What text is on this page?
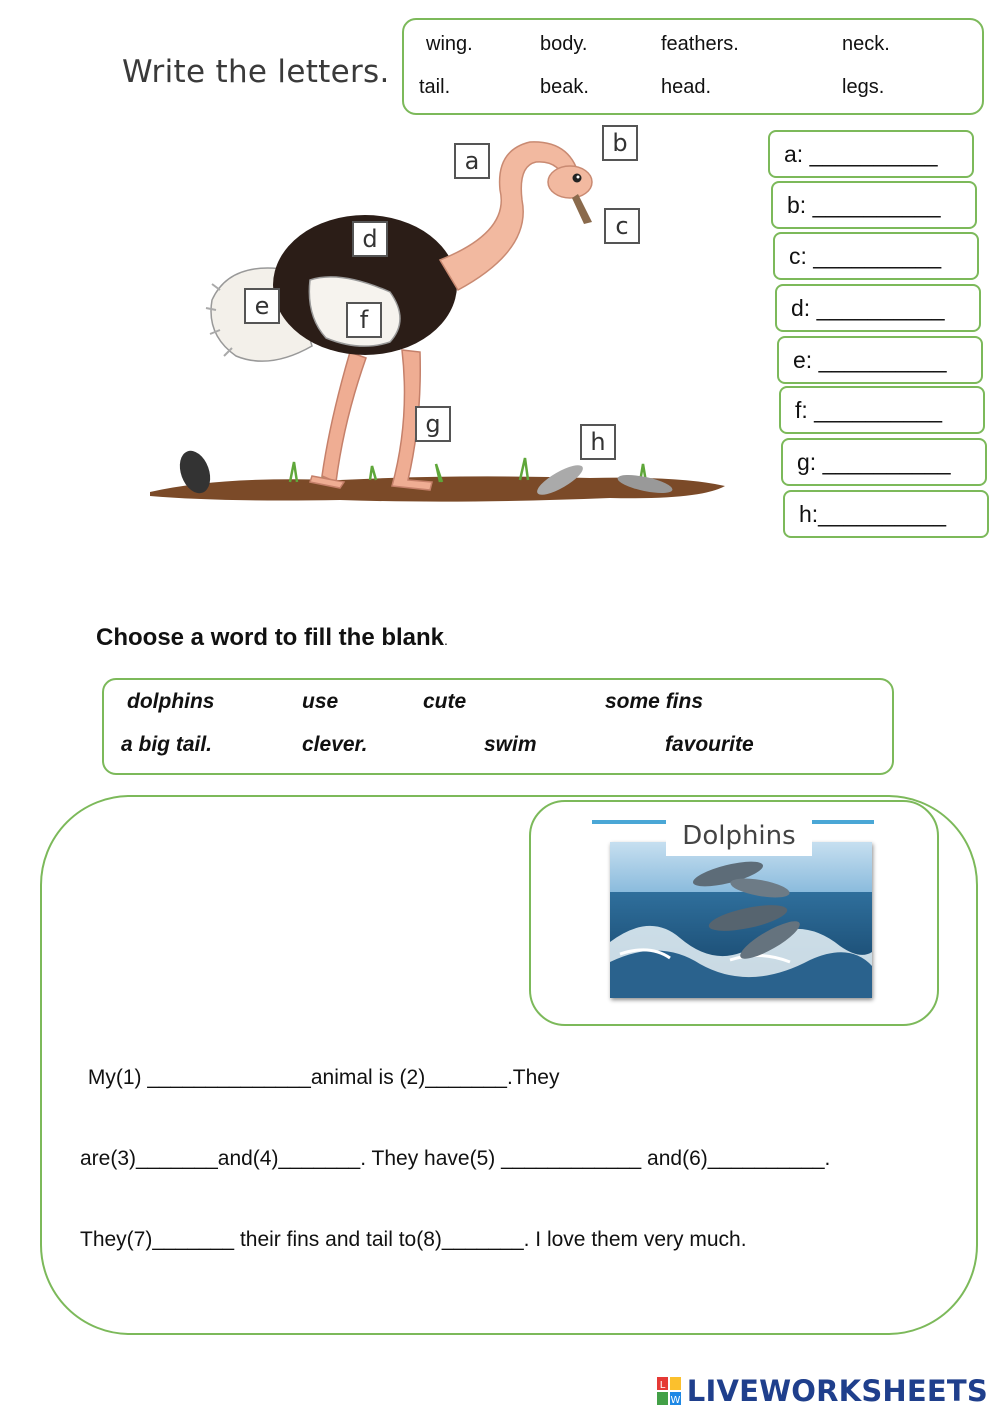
Write the letters.
wing.	body.	feathers.	neck.
tail.	beak.	head.	legs.
a
b
c
d
e	f
g
h
a: __________
b: __________
c: __________
d: __________
e: __________
f: __________
g: __________
h:__________
Choose a word to fill the blank.
dolphins	use	cute	some fins
a big tail.	clever.	swim	favourite
Dolphins
My(1) ______________animal is (2)_______.They
are(3)_______and(4)_______. They have(5) ____________ and(6)__________.
They(7)_______ their fins and tail to(8)_______. I love them very much.
L
W LIVEWORKSHEETS
